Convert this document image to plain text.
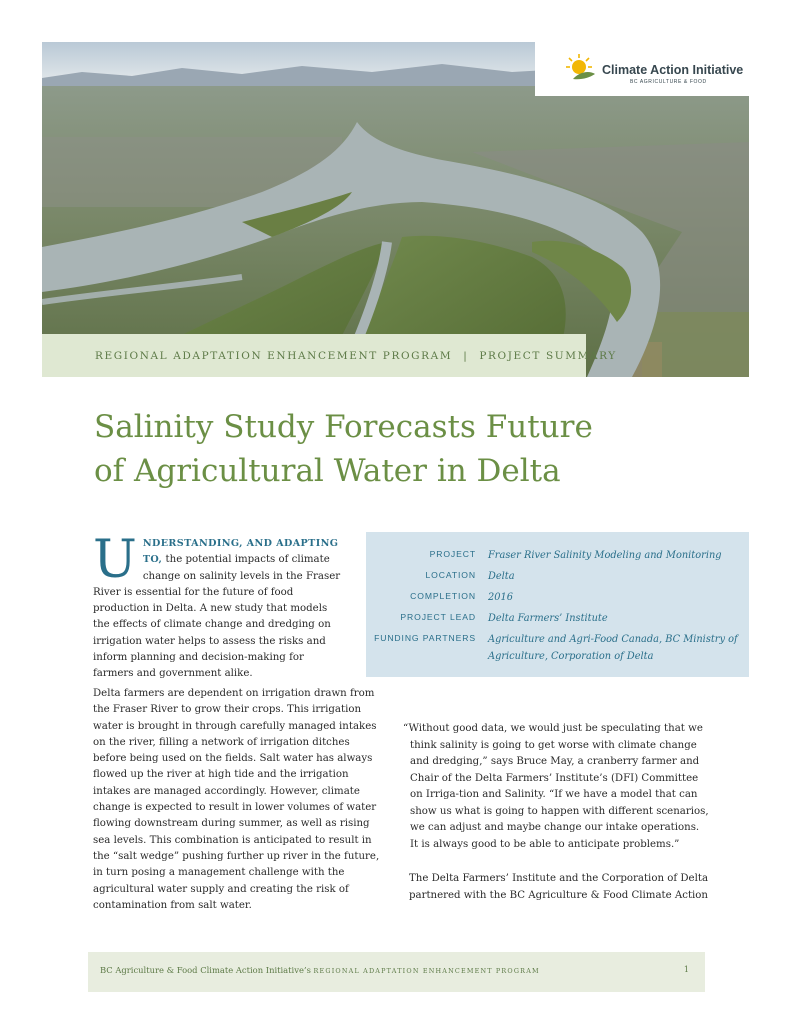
Climate Action Initiative
BC AGRICULTURE & FOOD
REGIONAL ADAPTATION ENHANCEMENT PROGRAM | PROJECT SUMMARY
Salinity Study Forecasts Future
of Agricultural Water in Delta
UNDERSTANDING, AND ADAPTING TO, the potential impacts of climate change on salinity levels in the Fraser River is essential for the future of food production in Delta. A new study that models the effects of climate change and dredging on irrigation water helps to assess the risks and inform planning and decision-making for farmers and government alike.
PROJECT Fraser River Salinity Modeling and Monitoring
LOCATION Delta
COMPLETION 2016
PROJECT LEAD Delta Farmers’ Institute
FUNDING PARTNERS Agriculture and Agri-Food Canada, BC Ministry of Agriculture, Corporation of Delta
Delta farmers are dependent on irrigation drawn from the Fraser River to grow their crops. This irrigation water is brought in through carefully managed intakes on the river, filling a network of irrigation ditches before being used on the fields. Salt water has always flowed up the river at high tide and the irrigation intakes are managed accordingly. However, climate change is expected to result in lower volumes of water flowing downstream during summer, as well as rising sea levels. This combination is anticipated to result in the “salt wedge” pushing further up river in the future, in turn posing a management challenge with the agricultural water supply and creating the risk of contamination from salt water.
“Without good data, we would just be speculating that we think salinity is going to get worse with climate change and dredging,” says Bruce May, a cranberry farmer and Chair of the Delta Farmers’ Institute’s (DFI) Committee on Irriga-tion and Salinity. “If we have a model that can show us what is going to happen with different scenarios, we can adjust and maybe change our intake operations. It is always good to be able to anticipate problems.”
The Delta Farmers’ Institute and the Corporation of Delta partnered with the BC Agriculture & Food Climate Action
BC Agriculture & Food Climate Action Initiative’s REGIONAL ADAPTATION ENHANCEMENT PROGRAM	1
